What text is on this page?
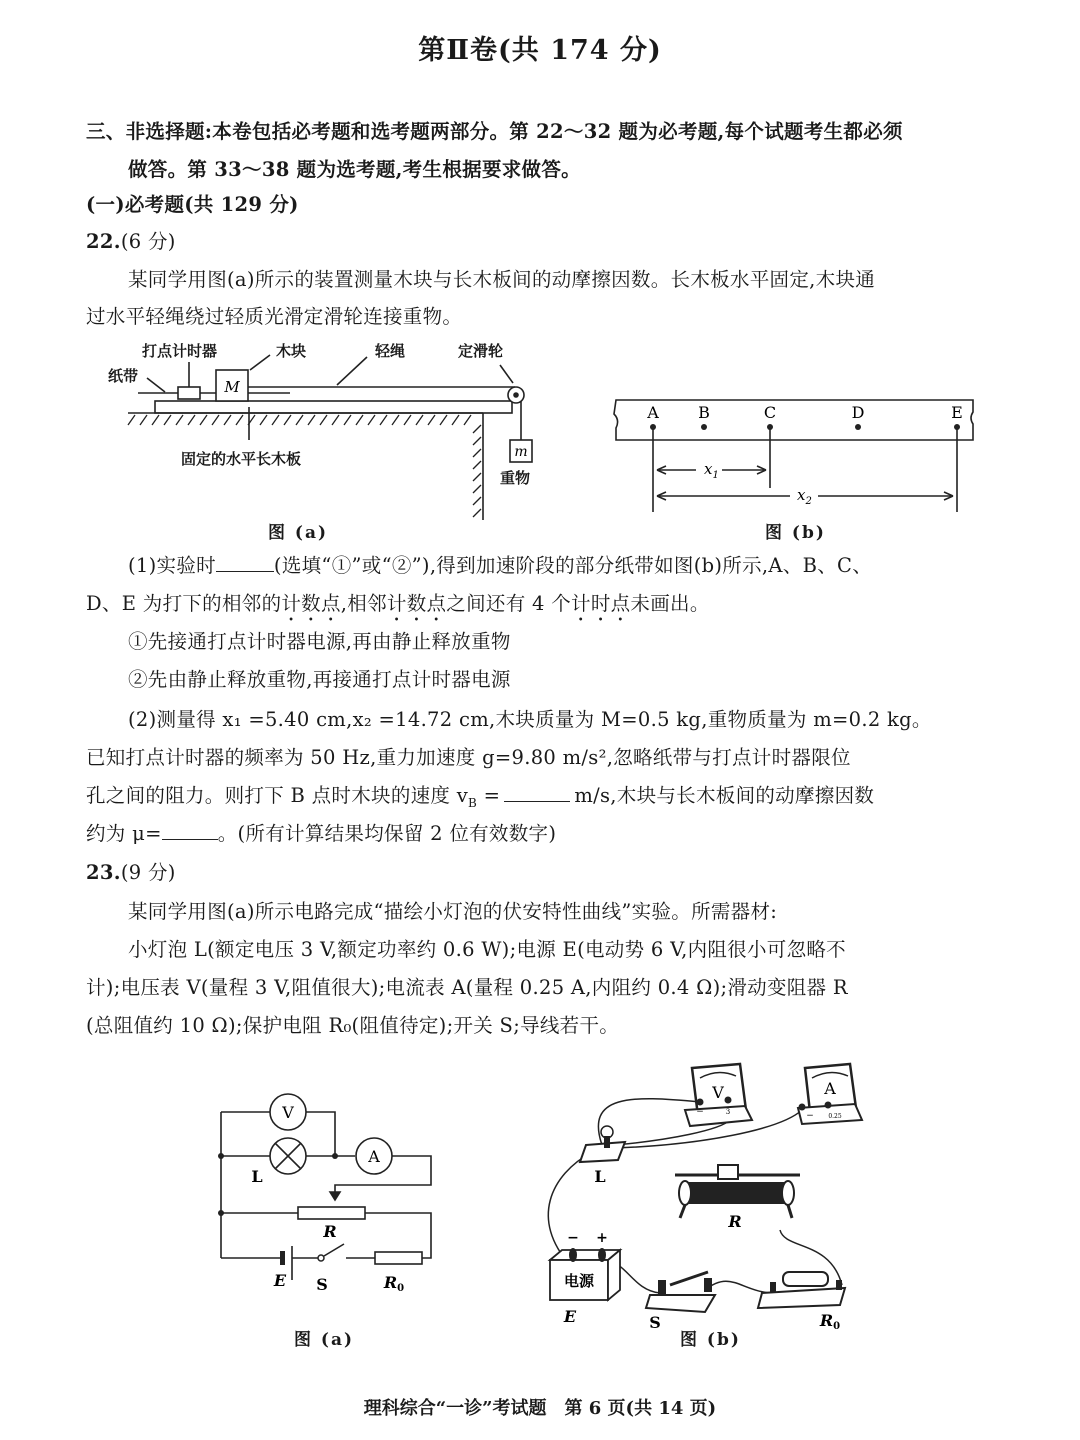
第Ⅱ卷(共 174 分)
三、非选择题:本卷包括必考题和选考题两部分。第 22～32 题为必考题,每个试题考生都必须
做答。第 33～38 题为选考题,考生根据要求做答。
(一)必考题(共 129 分)
22.(6 分)
某同学用图(a)所示的装置测量木块与长木板间的动摩擦因数。长木板水平固定,木块通
过水平轻绳绕过轻质光滑定滑轮连接重物。
M
m
纸带
打点计时器	木块	轻绳	定滑轮
固定的水平长木板
重物
图 (a)
A B	C	D	E
$x_1$
$x_2$
图 (b)
(1)实验时	(选填“①”或“②”),得到加速阶段的部分纸带如图(b)所示,A、B、C、
D、E 为打下的相邻的计数点,相邻计数点之间还有 4 个计时点未画出。
①先接通打点计时器电源,再由静止释放重物
②先由静止释放重物,再接通打点计时器电源
(2)测量得 x₁ =5.40 cm,x₂ =14.72 cm,木块质量为 M=0.5 kg,重物质量为 m=0.2 kg。
已知打点计时器的频率为 50 Hz,重力加速度 g=9.80 m/s²,忽略纸带与打点计时器限位
孔之间的阻力。则打下 B 点时木块的速度 $v_B$ =	m/s,木块与长木板间的动摩擦因数
约为 μ=	。(所有计算结果均保留 2 位有效数字)
23.(9 分)
某同学用图(a)所示电路完成“描绘小灯泡的伏安特性曲线”实验。所需器材:
小灯泡 L(额定电压 3 V,额定功率约 0.6 W);电源 E(电动势 6 V,内阻很小可忽略不
计);电压表 V(量程 3 V,阻值很大);电流表 A(量程 0.25 A,内阻约 0.4 Ω);滑动变阻器 R
(总阻值约 10 Ω);保护电阻 R₀(阻值待定);开关 S;导线若干。
V
A
L
R
E S	R0
图 (a)
V
−	3
A
− 0.25
L
R
− +
电源
E	S	R0
图 (b)
理科综合“一诊”考试题　第 6 页(共 14 页)
